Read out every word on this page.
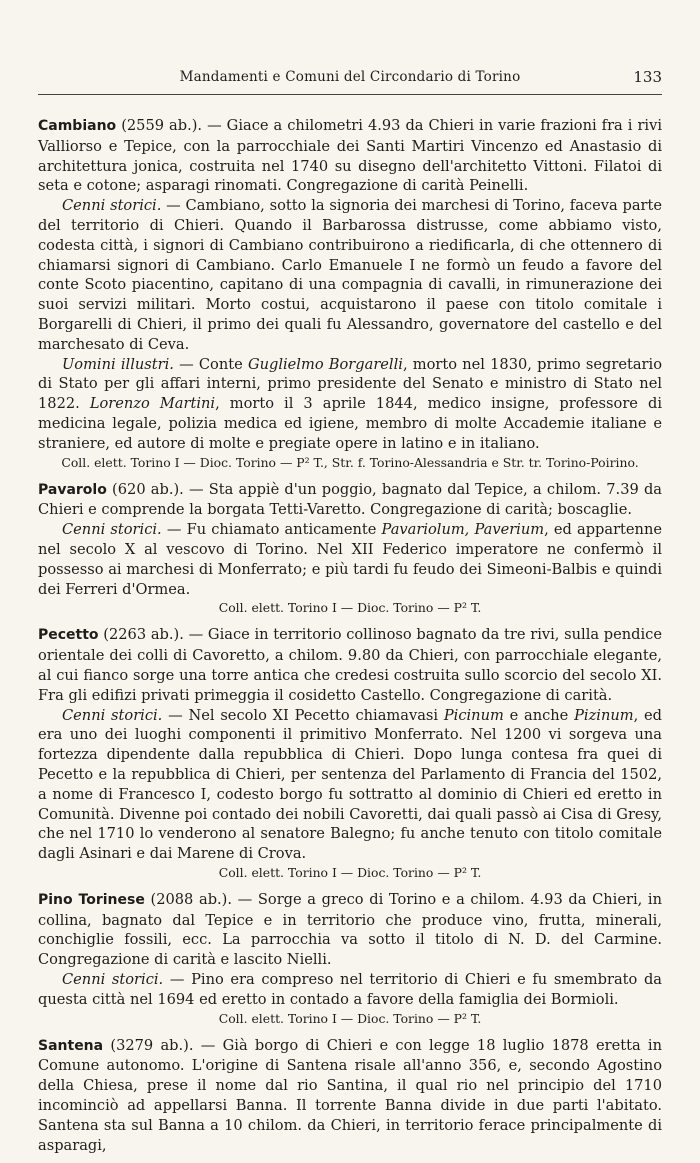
Mandamenti e Comuni del Circondario di Torino	133

Cambiano (2559 ab.). — Giace a chilometri 4.93 da Chieri in varie frazioni fra i rivi Valliorso e Tepice, con la parrocchiale dei Santi Martiri Vincenzo ed Anastasio di architettura jonica, costruita nel 1740 su disegno dell'architetto Vittoni. Filatoi di seta e cotone; asparagi rinomati. Congregazione di carità Peinelli.

Cenni storici. — Cambiano, sotto la signoria dei marchesi di Torino, faceva parte del territorio di Chieri. Quando il Barbarossa distrusse, come abbiamo visto, codesta città, i signori di Cambiano contribuirono a riedificarla, di che ottennero di chiamarsi signori di Cambiano. Carlo Emanuele I ne formò un feudo a favore del conte Scoto piacentino, capitano di una compagnia di cavalli, in rimunerazione dei suoi servizi militari. Morto costui, acquistarono il paese con titolo comitale i Borgarelli di Chieri, il primo dei quali fu Alessandro, governatore del castello e del marchesato di Ceva.

Uomini illustri. — Conte Guglielmo Borgarelli, morto nel 1830, primo segretario di Stato per gli affari interni, primo presidente del Senato e ministro di Stato nel 1822. Lorenzo Martini, morto il 3 aprile 1844, medico insigne, professore di medicina legale, polizia medica ed igiene, membro di molte Accademie italiane e straniere, ed autore di molte e pregiate opere in latino e in italiano.

Coll. elett. Torino I — Dioc. Torino — P² T., Str. f. Torino-Alessandria e Str. tr. Torino-Poirino.

Pavarolo (620 ab.). — Sta appiè d'un poggio, bagnato dal Tepice, a chilom. 7.39 da Chieri e comprende la borgata Tetti-Varetto. Congregazione di carità; boscaglie.

Cenni storici. — Fu chiamato anticamente Pavariolum, Paverium, ed appartenne nel secolo X al vescovo di Torino. Nel XII Federico imperatore ne confermò il possesso ai marchesi di Monferrato; e più tardi fu feudo dei Simeoni-Balbis e quindi dei Ferreri d'Ormea.

Coll. elett. Torino I — Dioc. Torino — P² T.

Pecetto (2263 ab.). — Giace in territorio collinoso bagnato da tre rivi, sulla pendice orientale dei colli di Cavoretto, a chilom. 9.80 da Chieri, con parrocchiale elegante, al cui fianco sorge una torre antica che credesi costruita sullo scorcio del secolo XI. Fra gli edifizi privati primeggia il cosidetto Castello. Congregazione di carità.

Cenni storici. — Nel secolo XI Pecetto chiamavasi Picinum e anche Pizinum, ed era uno dei luoghi componenti il primitivo Monferrato. Nel 1200 vi sorgeva una fortezza dipendente dalla repubblica di Chieri. Dopo lunga contesa fra quei di Pecetto e la repubblica di Chieri, per sentenza del Parlamento di Francia del 1502, a nome di Francesco I, codesto borgo fu sottratto al dominio di Chieri ed eretto in Comunità. Divenne poi contado dei nobili Cavoretti, dai quali passò ai Cisa di Gresy, che nel 1710 lo venderono al senatore Balegno; fu anche tenuto con titolo comitale dagli Asinari e dai Marene di Crova.

Coll. elett. Torino I — Dioc. Torino — P² T.

Pino Torinese (2088 ab.). — Sorge a greco di Torino e a chilom. 4.93 da Chieri, in collina, bagnato dal Tepice e in territorio che produce vino, frutta, minerali, conchiglie fossili, ecc. La parrocchia va sotto il titolo di N. D. del Carmine. Congregazione di carità e lascito Nielli.

Cenni storici. — Pino era compreso nel territorio di Chieri e fu smembrato da questa città nel 1694 ed eretto in contado a favore della famiglia dei Bormioli.

Coll. elett. Torino I — Dioc. Torino — P² T.

Santena (3279 ab.). — Già borgo di Chieri e con legge 18 luglio 1878 eretta in Comune autonomo. L'origine di Santena risale all'anno 356, e, secondo Agostino della Chiesa, prese il nome dal rio Santina, il qual rio nel principio del 1710 incominciò ad appellarsi Banna. Il torrente Banna divide in due parti l'abitato. Santena sta sul Banna a 10 chilom. da Chieri, in territorio ferace principalmente di asparagi,
